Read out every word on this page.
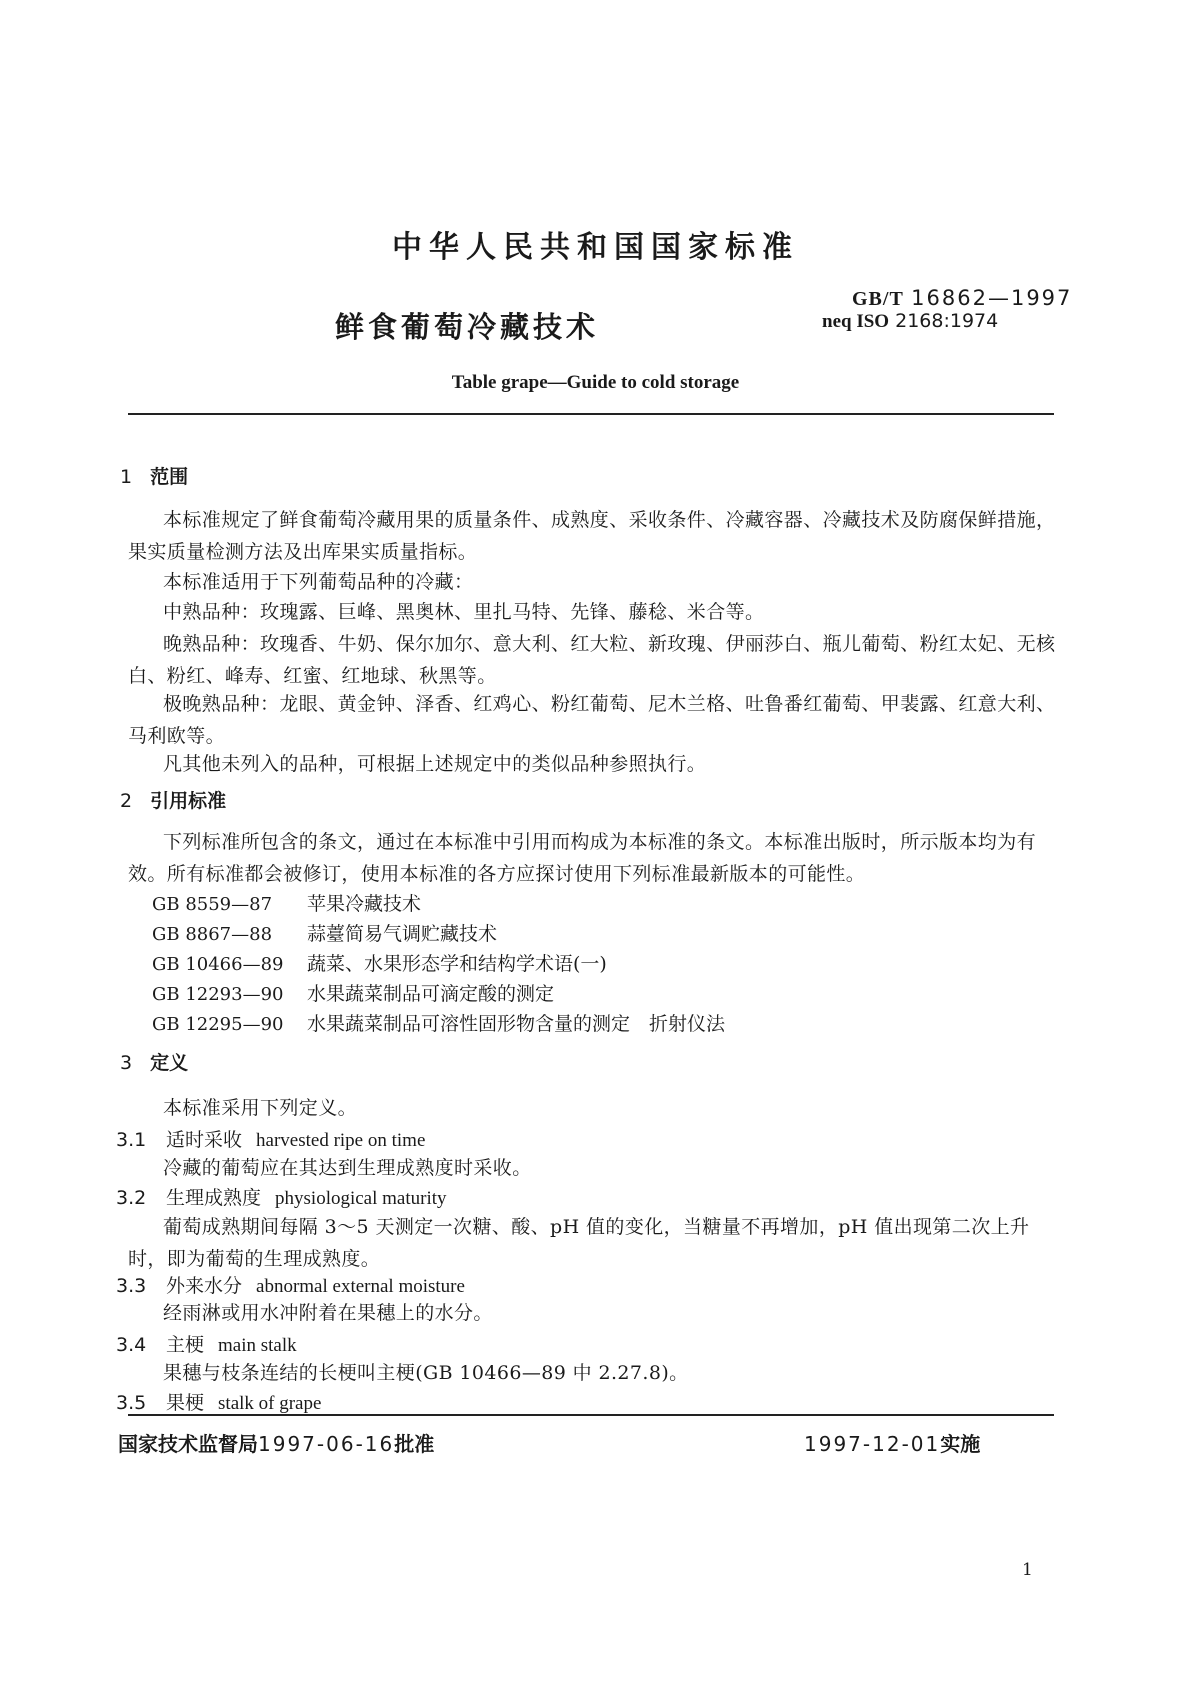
中华人民共和国国家标准
鲜食葡萄冷藏技术
GB/T 16862—1997
neq ISO 2168:1974
Table grape—Guide to cold storage
1 范围
本标准规定了鲜食葡萄冷藏用果的质量条件、成熟度、采收条件、冷藏容器、冷藏技术及防腐保鲜措施，果实质量检测方法及出库果实质量指标。
本标准适用于下列葡萄品种的冷藏：
中熟品种：玫瑰露、巨峰、黑奥林、里扎马特、先锋、藤稔、米合等。
晚熟品种：玫瑰香、牛奶、保尔加尔、意大利、红大粒、新玫瑰、伊丽莎白、瓶儿葡萄、粉红太妃、无核白、粉红、峰寿、红蜜、红地球、秋黑等。
极晚熟品种：龙眼、黄金钟、泽香、红鸡心、粉红葡萄、尼木兰格、吐鲁番红葡萄、甲裴露、红意大利、马利欧等。
凡其他未列入的品种，可根据上述规定中的类似品种参照执行。
2 引用标准
下列标准所包含的条文，通过在本标准中引用而构成为本标准的条文。本标准出版时，所示版本均为有效。所有标准都会被修订，使用本标准的各方应探讨使用下列标准最新版本的可能性。
GB 8559—87 苹果冷藏技术
GB 8867—88 蒜薹简易气调贮藏技术
GB 10466—89 蔬菜、水果形态学和结构学术语(一)
GB 12293—90 水果蔬菜制品可滴定酸的测定
GB 12295—90 水果蔬菜制品可溶性固形物含量的测定　折射仪法
3 定义
本标准采用下列定义。
3.1 适时采收 harvested ripe on time
冷藏的葡萄应在其达到生理成熟度时采收。
3.2 生理成熟度 physiological maturity
葡萄成熟期间每隔 3～5 天测定一次糖、酸、pH 值的变化，当糖量不再增加，pH 值出现第二次上升时，即为葡萄的生理成熟度。
3.3 外来水分 abnormal external moisture
经雨淋或用水冲附着在果穗上的水分。
3.4 主梗 main stalk
果穗与枝条连结的长梗叫主梗(GB 10466—89 中 2.27.8)。
3.5 果梗 stalk of grape
国家技术监督局1997-06-16批准	1997-12-01实施
1
